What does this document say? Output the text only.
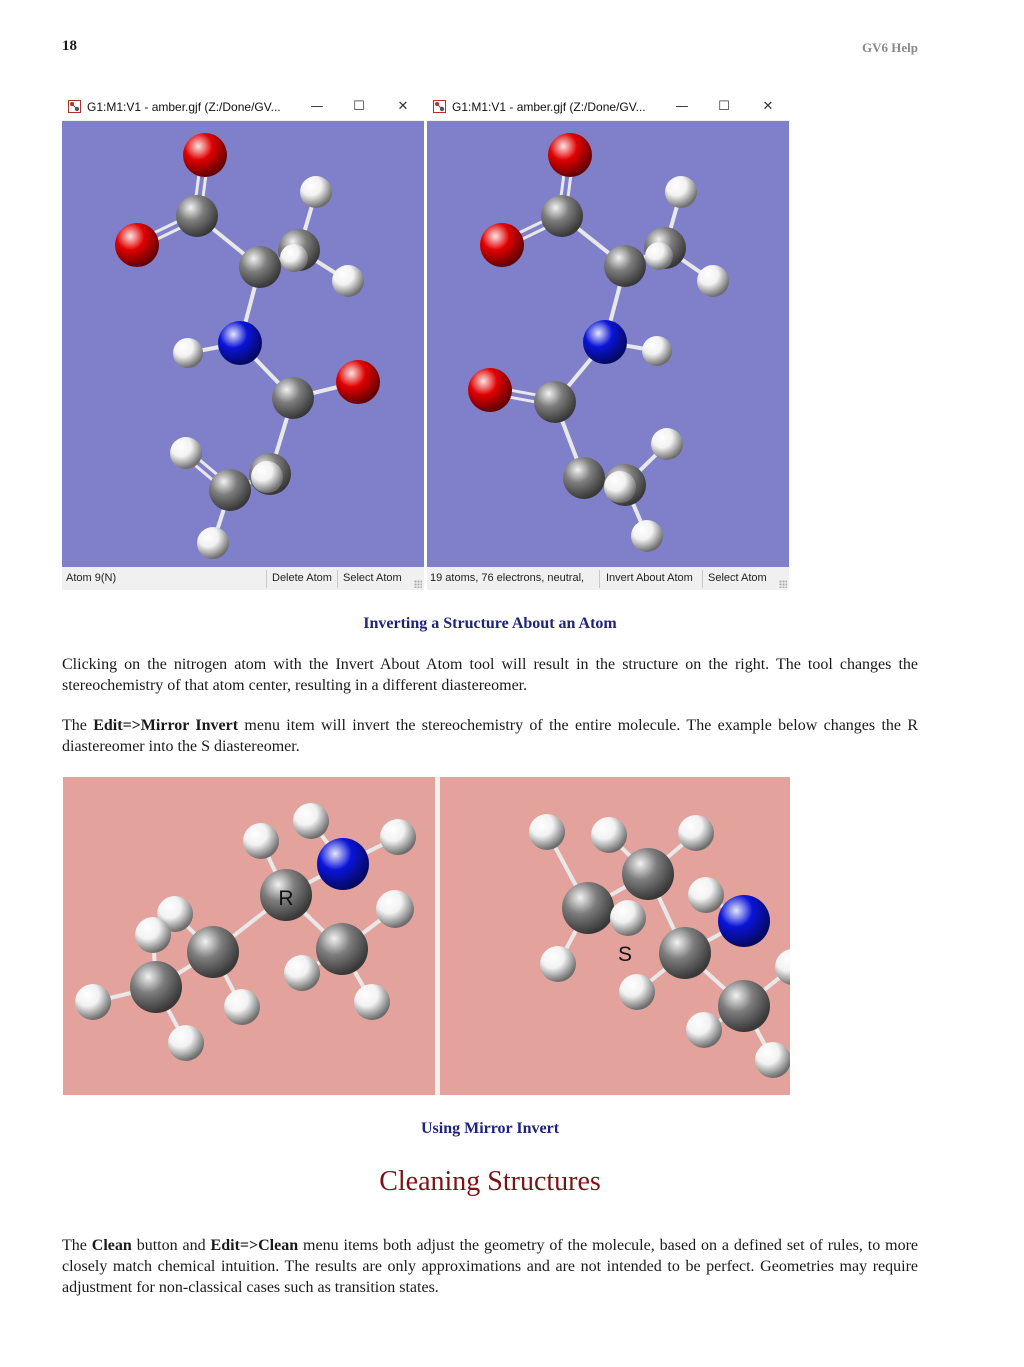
18	GV6 Help
G1:M1:V1 - amber.gjf (Z:/Done/GV...	—	☐	✕
Atom 9(N)	Delete Atom Select Atom
G1:M1:V1 - amber.gjf (Z:/Done/GV...	—	☐	✕
19 atoms, 76 electrons, neutral, Invert About Atom Select Atom
Inverting a Structure About an Atom

Clicking on the nitrogen atom with the Invert About Atom tool will result in the structure on the right. The tool changes the stereochemistry of that atom center, resulting in a different diastereomer.

The Edit=>Mirror Invert menu item will invert the stereochemistry of the entire molecule. The example below changes the R diastereomer into the S diastereomer.

R
S
Using Mirror Invert
Cleaning Structures

The Clean button and Edit=>Clean menu items both adjust the geometry of the molecule, based on a defined set of rules, to more closely match chemical intuition. The results are only approximations and are not intended to be perfect. Geometries may require adjustment for non-classical cases such as transition states.
